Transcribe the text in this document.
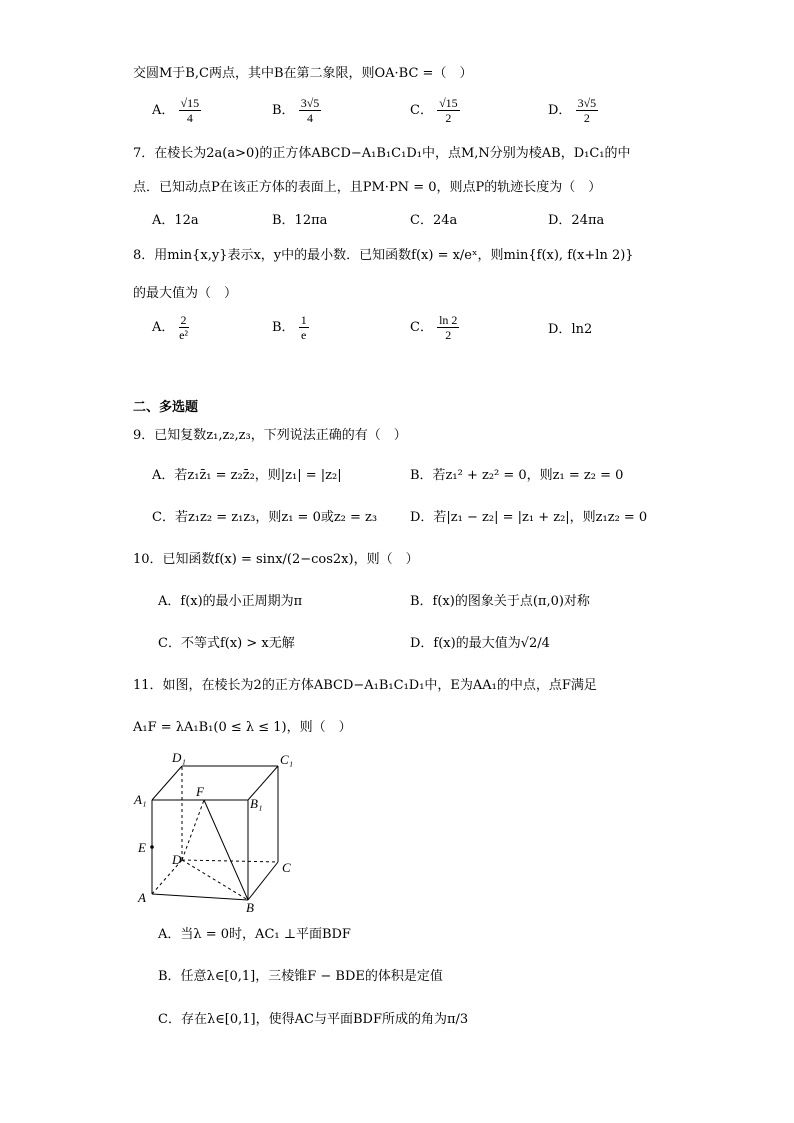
交圆M于B,C两点，其中B在第二象限，则OA·BC =（　）
A． $\frac{√15}{4}$	B． $\frac{3√5}{4}$	C． $\frac{√15}{2}$	D． $\frac{3√5}{2}$
7．在棱长为2a(a>0)的正方体ABCD−A₁B₁C₁D₁中，点M,N分别为棱AB，D₁C₁的中
点．已知动点P在该正方体的表面上，且PM·PN = 0，则点P的轨迹长度为（　）
A．12a	B．12πa	C．24a	D．24πa
8．用min{x,y}表示x，y中的最小数．已知函数f(x) = x/eˣ，则min{f(x), f(x+ln 2)}
的最大值为（　）
A． $\frac{2}{\text{e²}}$	B． $\frac{1}{e}$	C． $\frac{\ln 2}{2}$	D．ln2
二、多选题
9．已知复数z₁,z₂,z₃，下列说法正确的有（　）
A．若z₁z̄₁ = z₂z̄₂，则|z₁| = |z₂|	B．若z₁² + z₂² = 0，则z₁ = z₂ = 0
C．若z₁z₂ = z₁z₃，则z₁ = 0或z₂ = z₃	D．若|z₁ − z₂| = |z₁ + z₂|，则z₁z₂ = 0
10．已知函数f(x) = sinx/(2−cos2x)，则（　）
A．f(x)的最小正周期为π	B．f(x)的图象关于点(π,0)对称
C．不等式f(x) > x无解	D．f(x)的最大值为√2/4
11．如图，在棱长为2的正方体ABCD−A₁B₁C₁D₁中，E为AA₁的中点，点F满足
A₁F = λA₁B₁(0 ≤ λ ≤ 1)，则（　）
D₁	C₁
A₁	B₁
F
E
D
C
A
B
A．当λ = 0时，AC₁ ⊥平面BDF
B．任意λ∈[0,1]，三棱锥F − BDE的体积是定值
C．存在λ∈[0,1]，使得AC与平面BDF所成的角为π/3
